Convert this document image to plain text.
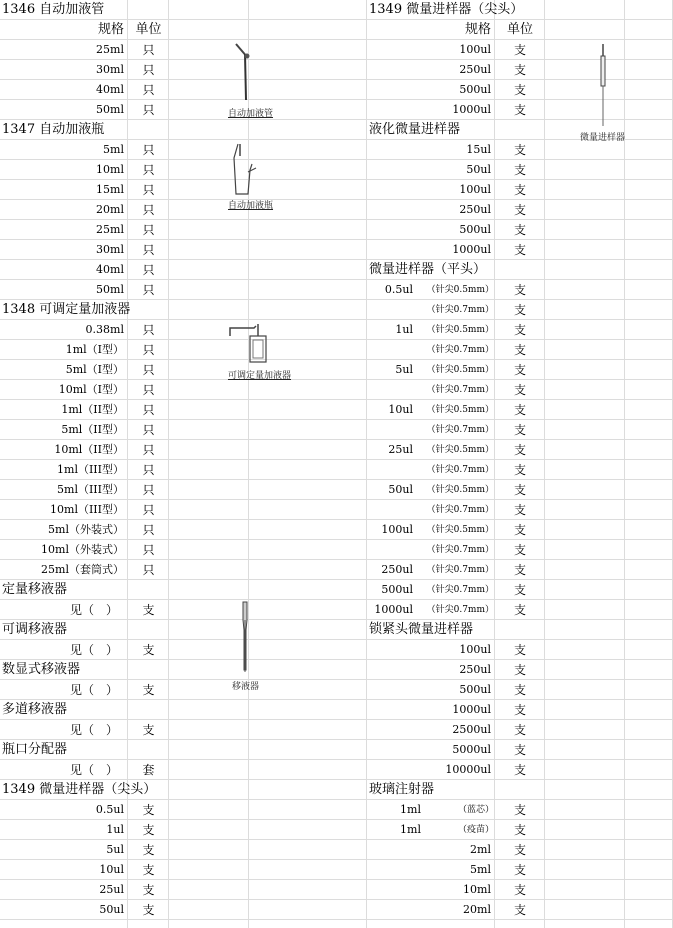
1346 自动加液管
规格 单位
25ml	只
30ml	只
40ml	只
50ml	只
1347 自动加液瓶
5ml	只
10ml	只
15ml	只
20ml	只
25ml	只
30ml	只
40ml	只
50ml	只
1348 可调定量加液器
0.38ml	只
1ml（I型）	只
5ml（I型）	只
10ml（I型）	只
1ml（II型）	只
5ml（II型）	只
10ml（II型）	只
1ml（III型）	只
5ml（III型）	只
10ml（III型）	只
5ml（外装式）	只
10ml（外装式）	只
25ml（套筒式）	只
定量移液器
见（　）	支
可调移液器
见（　）	支
数显式移液器
见（　）	支
多道移液器
见（　）	支
瓶口分配器
见（　）	套
1349 微量进样器（尖头）
0.5ul	支
1ul	支
5ul	支
10ul	支
25ul	支
50ul	支
1349 微量进样器（尖头）
规格	单位
100ul	支
250ul	支
500ul	支
1000ul	支
液化微量进样器
15ul	支
50ul	支
100ul	支
250ul	支
500ul	支
1000ul	支
微量进样器（平头）
0.5ul	（针尖0.5mm）	支
（针尖0.7mm）	支
1ul	（针尖0.5mm）	支
（针尖0.7mm）	支
5ul	（针尖0.5mm）	支
（针尖0.7mm）	支
10ul	（针尖0.5mm）	支
（针尖0.7mm）	支
25ul	（针尖0.5mm）	支
（针尖0.7mm）	支
50ul	（针尖0.5mm）	支
（针尖0.7mm）	支
100ul	（针尖0.5mm）	支
（针尖0.7mm）	支
250ul	（针尖0.7mm）	支
500ul	（针尖0.7mm）	支
1000ul	（针尖0.7mm）	支
锁紧头微量进样器
100ul	支
250ul	支
500ul	支
1000ul	支
2500ul	支
5000ul	支
10000ul	支
玻璃注射器
1ml	（蓝芯）	支
1ml	（疫苗）	支
2ml	支
5ml	支
10ml	支
20ml	支
自动加液管
自动加液瓶
可调定量加液器
移液器
微量进样器
